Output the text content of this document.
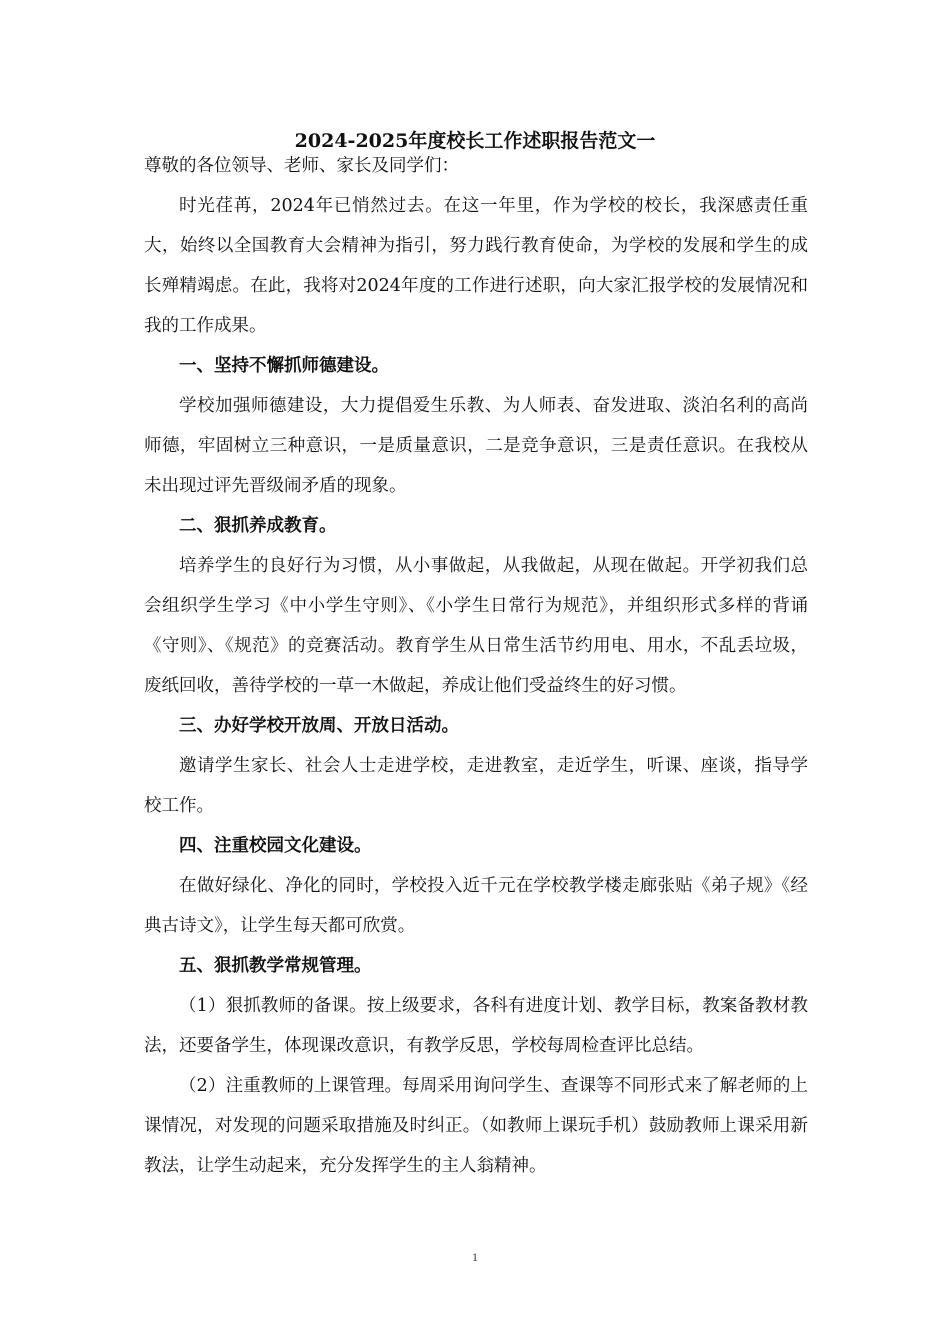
2024-2025年度校长工作述职报告范文一

尊敬的各位领导、老师、家长及同学们：

时光荏苒，2024年已悄然过去。在这一年里，作为学校的校长，我深感责任重大，始终以全国教育大会精神为指引，努力践行教育使命，为学校的发展和学生的成长殚精竭虑。在此，我将对2024年度的工作进行述职，向大家汇报学校的发展情况和我的工作成果。

一、坚持不懈抓师德建设。

学校加强师德建设，大力提倡爱生乐教、为人师表、奋发进取、淡泊名利的高尚师德，牢固树立三种意识，一是质量意识，二是竞争意识，三是责任意识。在我校从未出现过评先晋级闹矛盾的现象。

二、狠抓养成教育。

培养学生的良好行为习惯，从小事做起，从我做起，从现在做起。开学初我们总会组织学生学习《中小学生守则》、《小学生日常行为规范》，并组织形式多样的背诵《守则》、《规范》的竞赛活动。教育学生从日常生活节约用电、用水，不乱丢垃圾，废纸回收，善待学校的一草一木做起，养成让他们受益终生的好习惯。

三、办好学校开放周、开放日活动。

邀请学生家长、社会人士走进学校，走进教室，走近学生，听课、座谈，指导学校工作。

四、注重校园文化建设。

在做好绿化、净化的同时，学校投入近千元在学校教学楼走廊张贴《弟子规》《经典古诗文》，让学生每天都可欣赏。

五、狠抓教学常规管理。

（1）狠抓教师的备课。按上级要求，各科有进度计划、教学目标，教案备教材教法，还要备学生，体现课改意识，有教学反思，学校每周检查评比总结。

（2）注重教师的上课管理。每周采用询问学生、查课等不同形式来了解老师的上课情况，对发现的问题采取措施及时纠正。（如教师上课玩手机）鼓励教师上课采用新教法，让学生动起来，充分发挥学生的主人翁精神。

1
